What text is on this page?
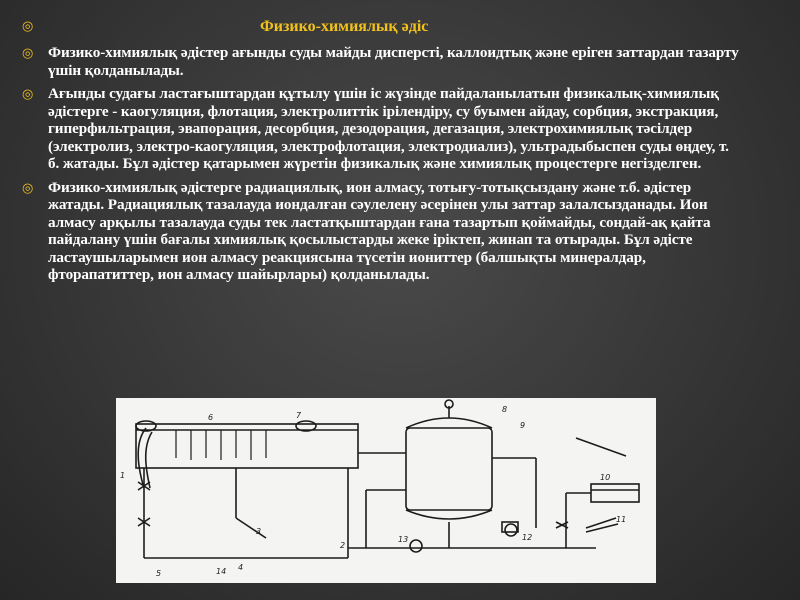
◎	Физико-химиялық әдіс
◎ Физико-химиялық әдістер ағынды суды майды дисперсті, каллоидтық және еріген заттардан тазарту үшін қолданылады.
◎ Ағынды судағы ластағыштардан құтылу үшін іс жүзінде пайдаланылатын физикалық-химиялық әдістерге - каогуляция, флотация, электролиттік ірілендіру, су буымен айдау, сорбция, экстракция, гиперфильтрация, эвапорация, десорбция, дезодорация, дегазация, электрохимиялық тәсілдер (электролиз, электро-каогуляция, электрофлотация, электродиализ), ультрадыбыспен суды өңдеу, т. б. жатады. Бұл әдістер қатарымен жүретін физикалық және химиялық процестерге негізделген.
◎ Физико-химиялық әдістерге радиациялық, ион алмасу, тотығу-тотықсыздану және т.б. әдістер жатады. Радиациялық тазалауда иондалған сәулелену әсерінен улы заттар залалсызданады. Ион алмасу арқылы тазалауда суды тек ластатқыштардан ғана тазартып қоймайды, сондай-ақ қайта пайдалану үшін бағалы химиялық қосылыстарды жеке іріктеп, жинап та отырады. Бұл әдісте ластаушыларымен ион алмасу реакциясына түсетін иониттер (балшықты минералдар, фторапатиттер, ион алмасу шайырлары) қолданылады.
1
2
3
4
5
6	7
8
9
10
11
12
13
14
